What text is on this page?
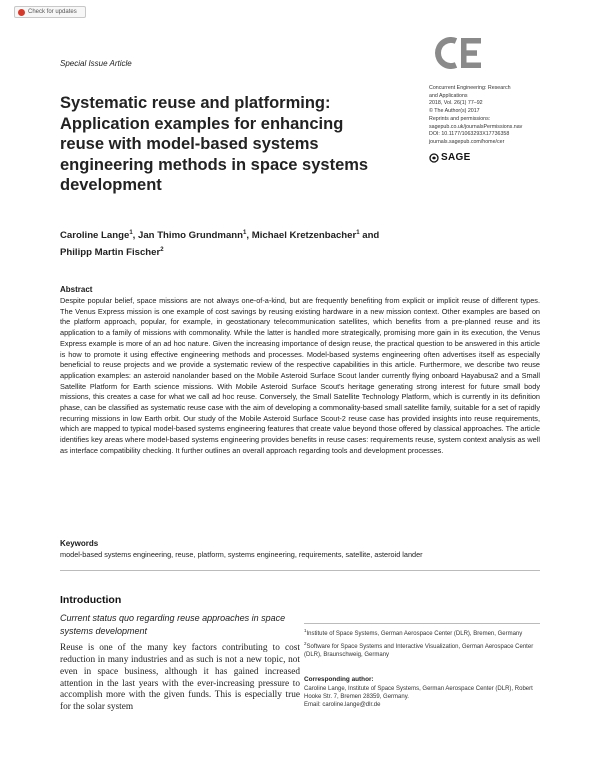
Check for updates
Special Issue Article
CE
Concurrent Engineering: Research
and Applications
2018, Vol. 26(1) 77–92
© The Author(s) 2017
Reprints and permissions:
sagepub.co.uk/journalsPermissions.nav
DOI: 10.1177/1063293X17736358
journals.sagepub.com/home/cer
SAGE
Systematic reuse and platforming: Application examples for enhancing reuse with model-based systems engineering methods in space systems development
Caroline Lange$^1$, Jan Thimo Grundmann$^1$, Michael Kretzenbacher$^1$ and
Philipp Martin Fischer$^2$
Abstract
Despite popular belief, space missions are not always one-of-a-kind, but are frequently benefiting from explicit or implicit reuse of different types. The Venus Express mission is one example of cost savings by reusing existing hardware in a new mission context. Other examples are based on the platform approach, popular, for example, in geostationary telecommunication satellites, which benefits from a pre-planned reuse and its application to a family of missions with commonality. While the latter is handled more strategically, promising more gain in its execution, the Venus Express example is more of an ad hoc nature. Given the increasing importance of design reuse, the practical question to be answered in this article is how to promote it using effective engineering methods and processes. Model-based systems engineering often advertises itself as especially beneficial to reuse projects and we provide a systematic review of the respective capabilities in this article. Furthermore, we describe two reuse application examples: an asteroid nanolander based on the Mobile Asteroid Surface Scout lander currently flying onboard Hayabusa2 and a Small Satellite Platform for Earth science missions. With Mobile Asteroid Surface Scout's heritage generating strong interest for future small body missions, this creates a case for what we call ad hoc reuse. Conversely, the Small Satellite Technology Platform, which is currently in its definition phase, can be classified as systematic reuse case with the aim of developing a commonality-based small satellite family, suitable for a set of rapidly recurring missions in low Earth orbit. Our study of the Mobile Asteroid Surface Scout-2 reuse case has provided insights into reuse requirements, which are mapped to typical model-based systems engineering features that create value beyond those offered by classical approaches. The article identifies key areas where model-based systems engineering provides benefits in reuse cases: requirements reuse, system context analysis as well as interface compatibility checking. It further outlines an overall approach regarding tools and development processes.
Keywords
model-based systems engineering, reuse, platform, systems engineering, requirements, satellite, asteroid lander
Introduction
Current status quo regarding reuse approaches in space systems development
Reuse is one of the many key factors contributing to cost reduction in many industries and as such is not a new topic, not even in space business, although it has gained increased attention in the last years with the ever-increasing pressure to accomplish more with the given funds. This is especially true for the solar system
$^1$Institute of Space Systems, German Aerospace Center (DLR), Bremen, Germany
$^2$Software for Space Systems and Interactive Visualization, German Aerospace Center (DLR), Braunschweig, Germany
Corresponding author:
Caroline Lange, Institute of Space Systems, German Aerospace Center (DLR), Robert Hooke Str. 7, Bremen 28359, Germany.
Email: caroline.lange@dlr.de
